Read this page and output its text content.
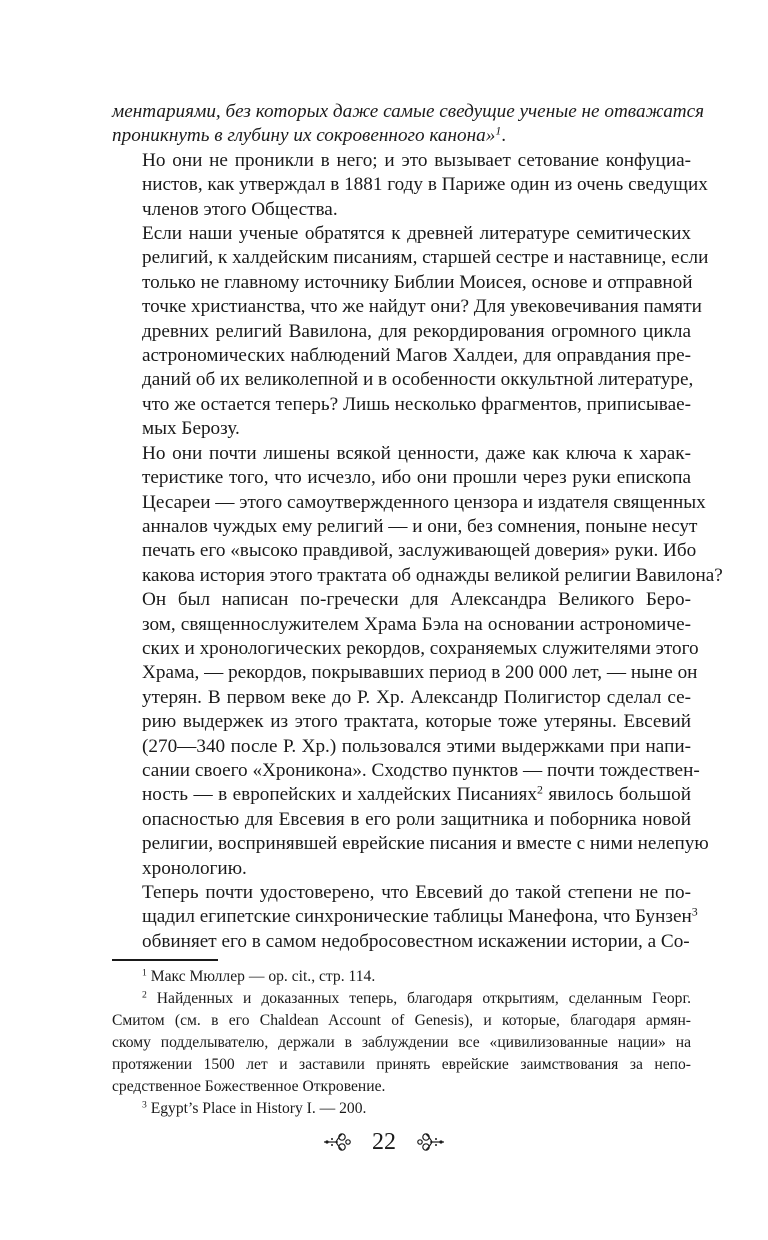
ментариями, без которых даже самые сведущие ученые не отважатся
проникнуть в глубину их сокровенного канона»$^1$.

Но они не проникли в него; и это вызывает сетование конфуциа-
нистов, как утверждал в 1881 году в Париже один из очень сведущих
членов этого Общества.

Если наши ученые обратятся к древней литературе семитических
религий, к халдейским писаниям, старшей сестре и наставнице, если
только не главному источнику Библии Моисея, основе и отправной
точке христианства, что же найдут они? Для увековечивания памяти
древних религий Вавилона, для рекордирования огромного цикла
астрономических наблюдений Магов Халдеи, для оправдания пре-
даний об их великолепной и в особенности оккультной литературе,
что же остается теперь? Лишь несколько фрагментов, приписывае-
мых Берозу.

Но они почти лишены всякой ценности, даже как ключа к харак-
теристике того, что исчезло, ибо они прошли через руки епископа
Цесареи — этого самоутвержденного цензора и издателя священных
анналов чуждых ему религий — и они, без сомнения, поныне несут
печать его «высоко правдивой, заслуживающей доверия» руки. Ибо
какова история этого трактата об однажды великой религии Вавилона?

Он был написан по-гречески для Александра Великого Беро-
зом, священнослужителем Храма Бэла на основании астрономиче-
ских и хронологических рекордов, сохраняемых служителями этого
Храма, — рекордов, покрывавших период в 200 000 лет, — ныне он
утерян. В первом веке до Р. Хр. Александр Полигистор сделал се-
рию выдержек из этого трактата, которые тоже утеряны. Евсевий
(270—340 после Р. Хр.) пользовался этими выдержками при напи-
сании своего «Хроникона». Сходство пунктов — почти тождествен-
ность — в европейских и халдейских Писаниях$^2$ явилось большой
опасностью для Евсевия в его роли защитника и поборника новой
религии, воспринявшей еврейские писания и вместе с ними нелепую
хронологию.

Теперь почти удостоверено, что Евсевий до такой степени не по-
щадил египетские синхронические таблицы Манефона, что Бунзен$^3$
обвиняет его в самом недобросовестном искажении истории, а Со-

$^1$ Макс Мюллер — op. cit., стр. 114.

$^2$ Найденных и доказанных теперь, благодаря открытиям, сделанным Георг.
Смитом (см. в его Chaldean Account of Genesis), и которые, благодаря армян-
скому подделывателю, держали в заблуждении все «цивилизованные нации» на
протяжении 1500 лет и заставили принять еврейские заимствования за непо-
средственное Божественное Откровение.

$^3$ Egypt’s Place in History I. — 200.

22
